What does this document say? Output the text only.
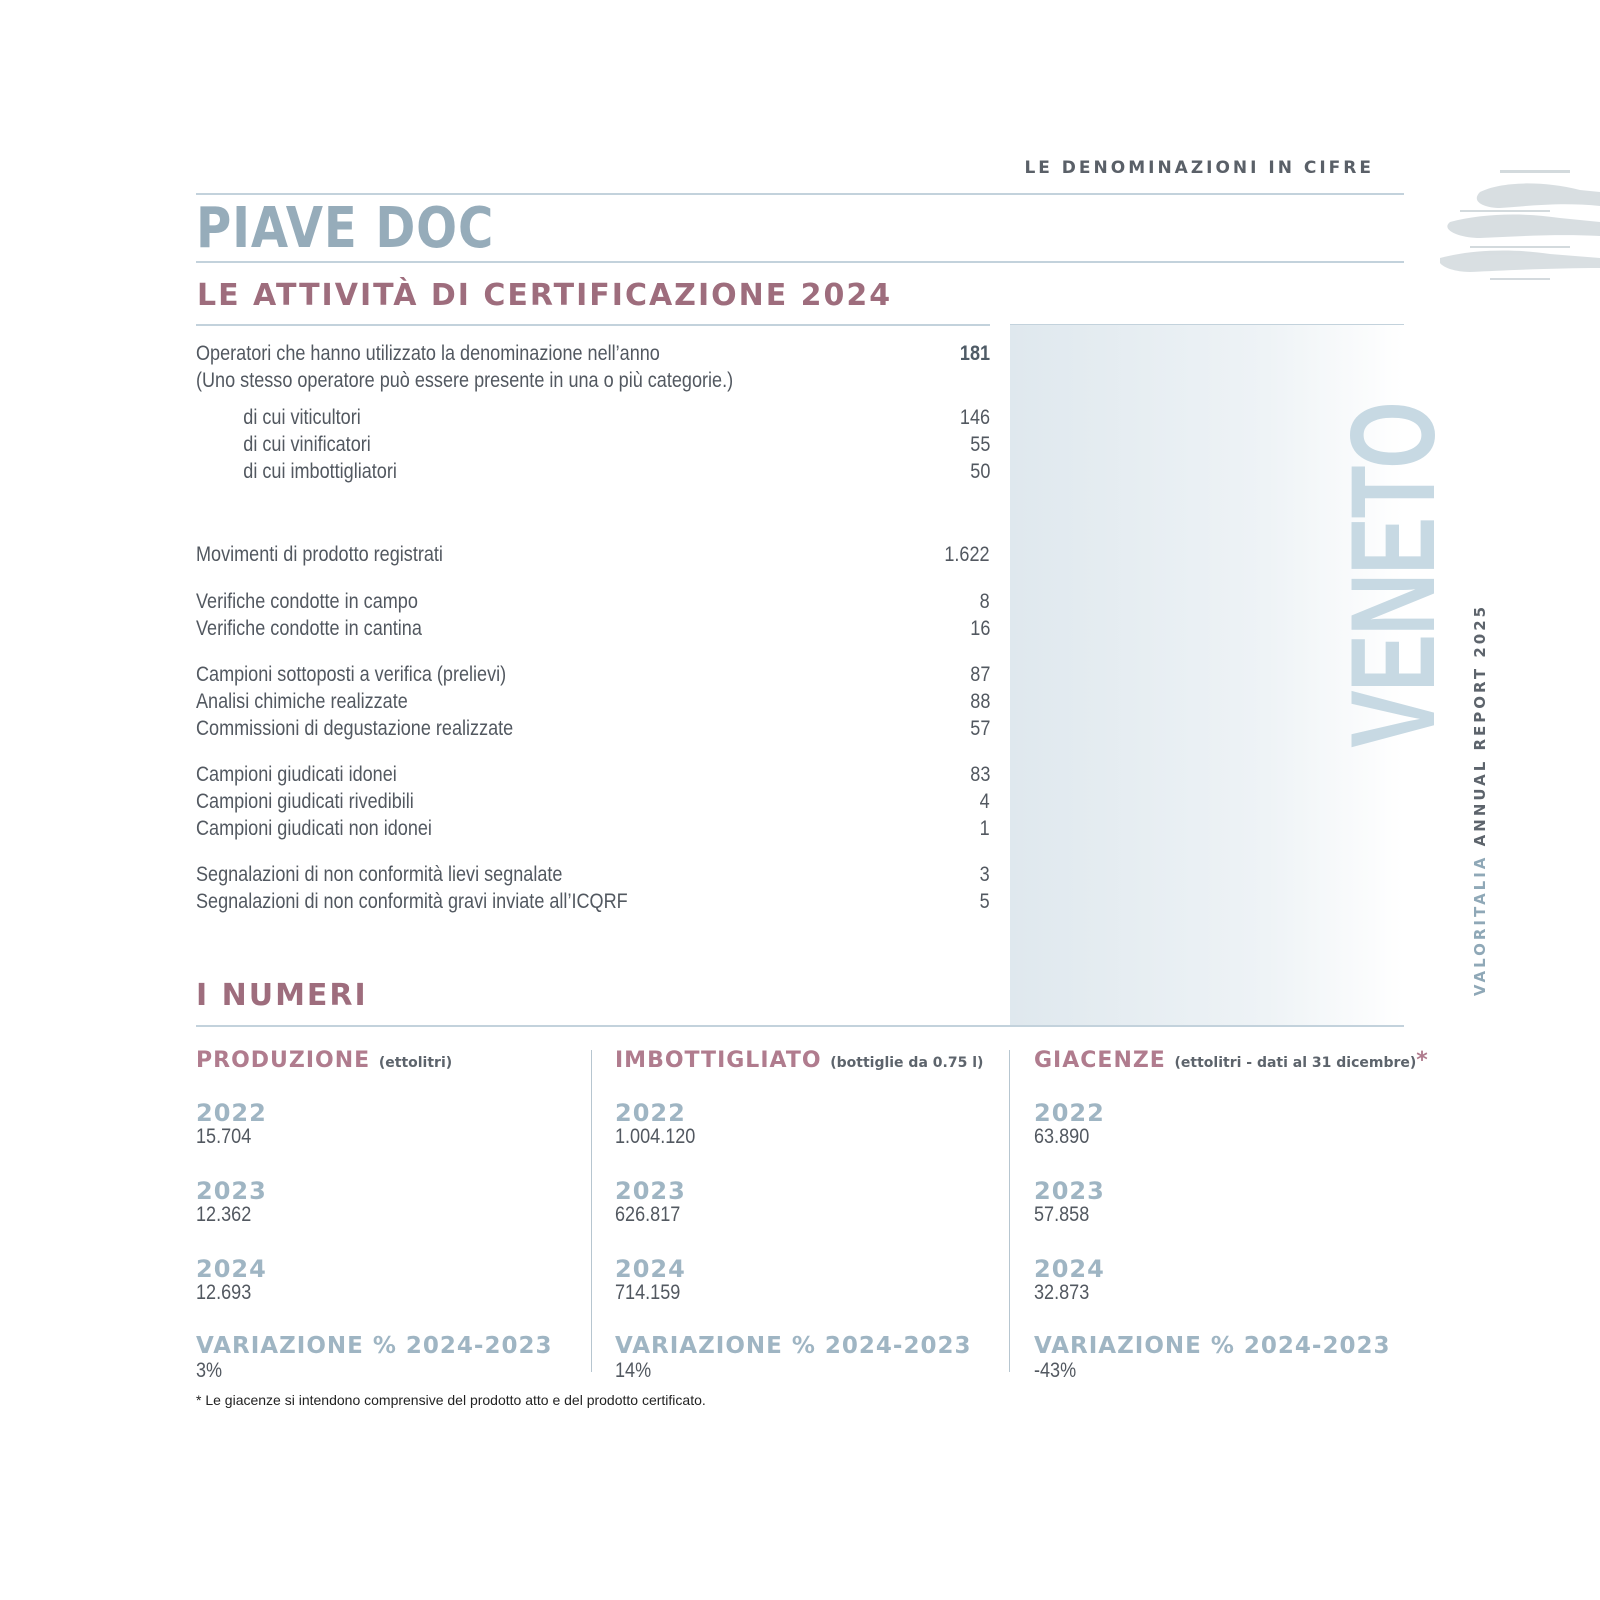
LE DENOMINAZIONI IN CIFRE
PIAVE DOC
LE ATTIVITÀ DI CERTIFICAZIONE 2024
VENETO
VALORITALIA ANNUAL REPORT 2025
Operatori che hanno utilizzato la denominazione nell’anno	181
(Uno stesso operatore può essere presente in una o più categorie.)
di cui viticultori	146
di cui vinificatori	55
di cui imbottigliatori	50
Movimenti di prodotto registrati	1.622
Verifiche condotte in campo	8
Verifiche condotte in cantina	16
Campioni sottoposti a verifica (prelievi)	87
Analisi chimiche realizzate	88
Commissioni di degustazione realizzate	57
Campioni giudicati idonei	83
Campioni giudicati rivedibili	4
Campioni giudicati non idonei	1
Segnalazioni di non conformità lievi segnalate	3
Segnalazioni di non conformità gravi inviate all’ICQRF	5
I NUMERI
PRODUZIONE (ettolitri)
2022
15.704
2023
12.362
2024
12.693
VARIAZIONE % 2024-2023
3%
IMBOTTIGLIATO (bottiglie da 0.75 l)
2022
1.004.120
2023
626.817
2024
714.159
VARIAZIONE % 2024-2023
14%
GIACENZE (ettolitri - dati al 31 dicembre)*
2022
63.890
2023
57.858
2024
32.873
VARIAZIONE % 2024-2023
-43%
* Le giacenze si intendono comprensive del prodotto atto e del prodotto certificato.
